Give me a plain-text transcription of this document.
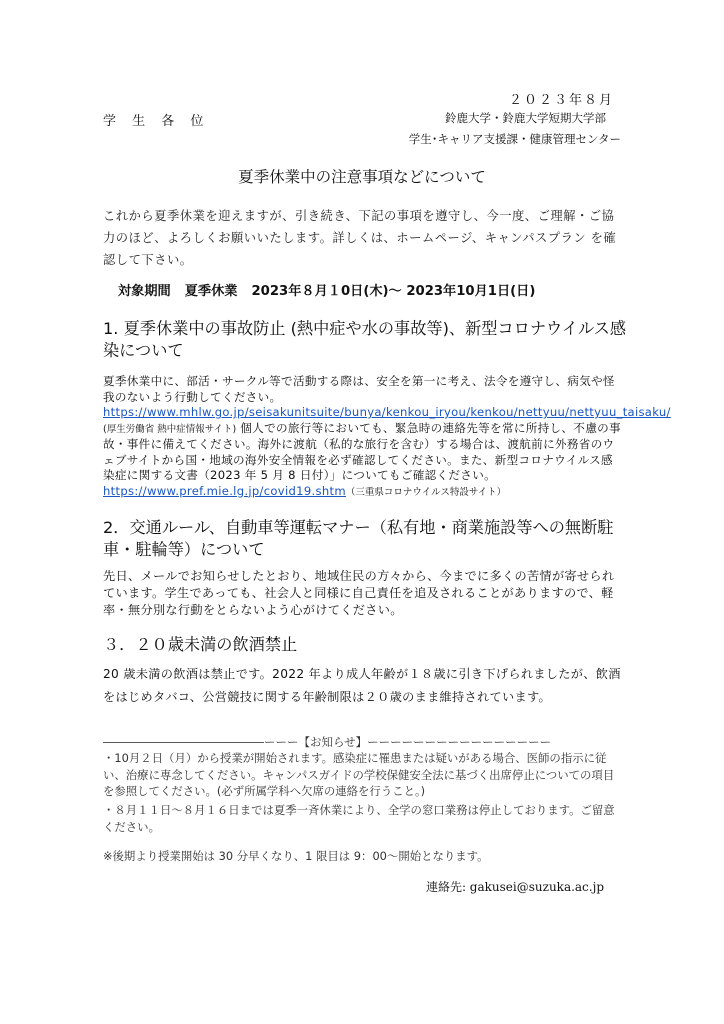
２０２３年８月
学 生 各 位	鈴鹿大学・鈴鹿大学短期大学部
学生･キャリア支援課・健康管理センター
夏季休業中の注意事項などについて
これから夏季休業を迎えますが、引き続き、下記の事項を遵守し、今一度、ご理解・ご協力のほど、よろしくお願いいたします。詳しくは、ホームページ、キャンパスプラン を確認して下さい。
対象期間 夏季休業 2023年８月１0日(木)～ 2023年10月1日(日)
1. 夏季休業中の事故防止 (熱中症や水の事故等)、新型コロナウイルス感染について
夏季休業中に、部活・サークル等で活動する際は、安全を第一に考え、法令を遵守し、病気や怪我のないよう行動してください。
https://www.mhlw.go.jp/seisakunitsuite/bunya/kenkou_iryou/kenkou/nettyuu/nettyuu_taisaku/ (厚生労働省 熱中症情報サイト) 個人での旅行等においても、緊急時の連絡先等を常に所持し、不慮の事故・事件に備えてください。海外に渡航（私的な旅行を含む）する場合は、渡航前に外務省のウェブサイトから国・地域の海外安全情報を必ず確認してください。また、新型コロナウイルス感染症に関する文書（2023 年 5 月 8 日付）」についてもご確認ください。
https://www.pref.mie.lg.jp/covid19.shtm（三重県コロナウイルス特設サイト）
2．交通ルール、自動車等運転マナー（私有地・商業施設等への無断駐車・駐輪等）について
先日、メールでお知らせしたとおり、地域住民の方々から、今までに多くの苦情が寄せられています。学生であっても、社会人と同様に自己責任を追及されることがありますので、軽率・無分別な行動をとらないよう心がけてください。
３．２０歳未満の飲酒禁止
20 歳未満の飲酒は禁止です。2022 年より成人年齢が１８歳に引き下げられましたが、飲酒をはじめタバコ、公営競技に関する年齢制限は２０歳のまま維持されています。
――――――――――――――ーーー【お知らせ】ーーーーーーーーーーーーーーーー
・10月２日（月）から授業が開始されます。感染症に罹患または疑いがある場合、医師の指示に従い、治療に専念してください。キャンパスガイドの学校保健安全法に基づく出席停止についての項目を参照してください。(必ず所属学科へ欠席の連絡を行うこと。)
・８月１１日～８月１６日までは夏季一斉休業により、全学の窓口業務は停止しております。ご留意ください。
※後期より授業開始は 30 分早くなり、1 限目は 9：00～開始となります。
連絡先: gakusei@suzuka.ac.jp
